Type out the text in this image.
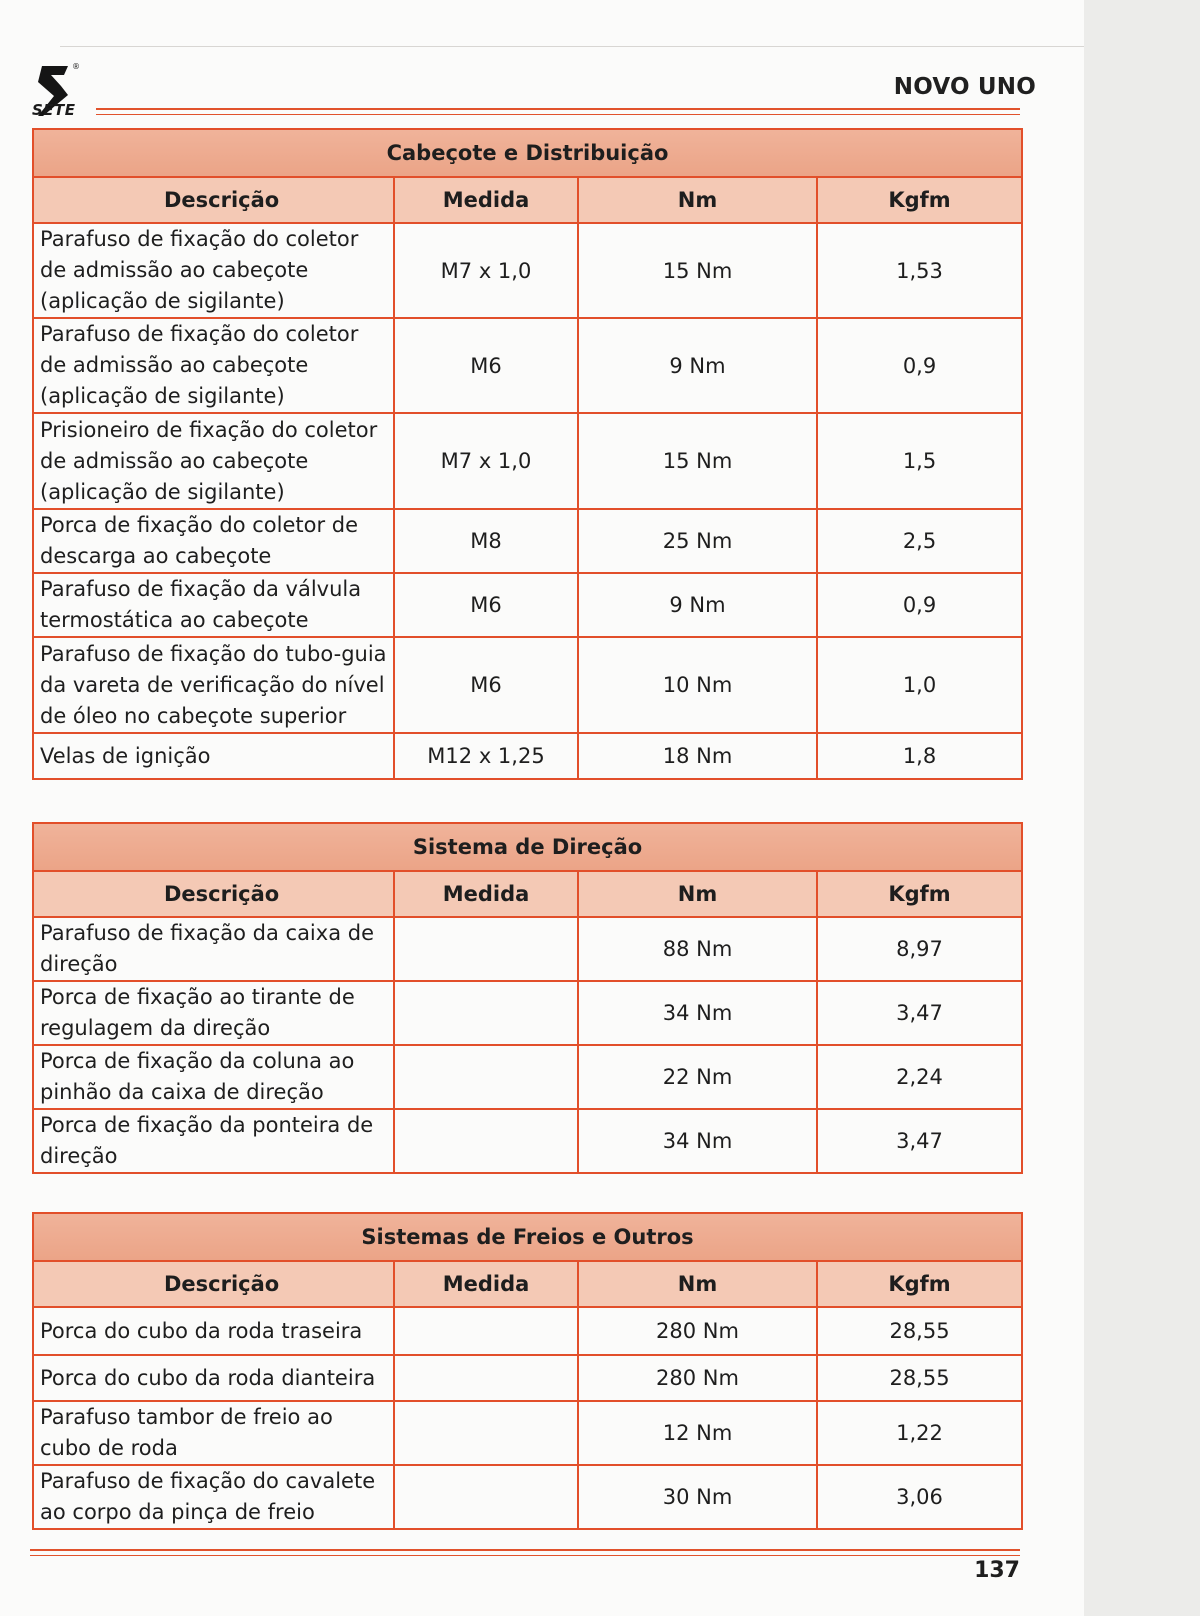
®
SETE
NOVO UNO
Cabeçote e Distribuição			
Descrição	Medida	Nm	Kgfm
Parafuso de fixação do coletor de admissão ao cabeçote (aplicação de sigilante)	M7 x 1,0	15 Nm	1,53
Parafuso de fixação do coletor de admissão ao cabeçote (aplicação de sigilante)	M6	9 Nm	0,9
Prisioneiro de fixação do coletor de admissão ao cabeçote (aplicação de sigilante)	M7 x 1,0	15 Nm	1,5
Porca de fixação do coletor de descarga ao cabeçote	M8	25 Nm	2,5
Parafuso de fixação da válvula termostática ao cabeçote	M6	9 Nm	0,9
Parafuso de fixação do tubo-guia da vareta de verificação do nível de óleo no cabeçote superior	M6	10 Nm	1,0
Velas de ignição	M12 x 1,25	18 Nm	1,8
Sistema de Direção			
Descrição	Medida	Nm	Kgfm
Parafuso de fixação da caixa de direção		88 Nm	8,97
Porca de fixação ao tirante de regulagem da direção		34 Nm	3,47
Porca de fixação da coluna ao pinhão da caixa de direção		22 Nm	2,24
Porca de fixação da ponteira de direção		34 Nm	3,47
Sistemas de Freios e Outros			
Descrição	Medida	Nm	Kgfm
Porca do cubo da roda traseira		280 Nm	28,55
Porca do cubo da roda dianteira		280 Nm	28,55
Parafuso tambor de freio ao cubo de roda		12 Nm	1,22
Parafuso de fixação do cavalete ao corpo da pinça de freio		30 Nm	3,06
137
